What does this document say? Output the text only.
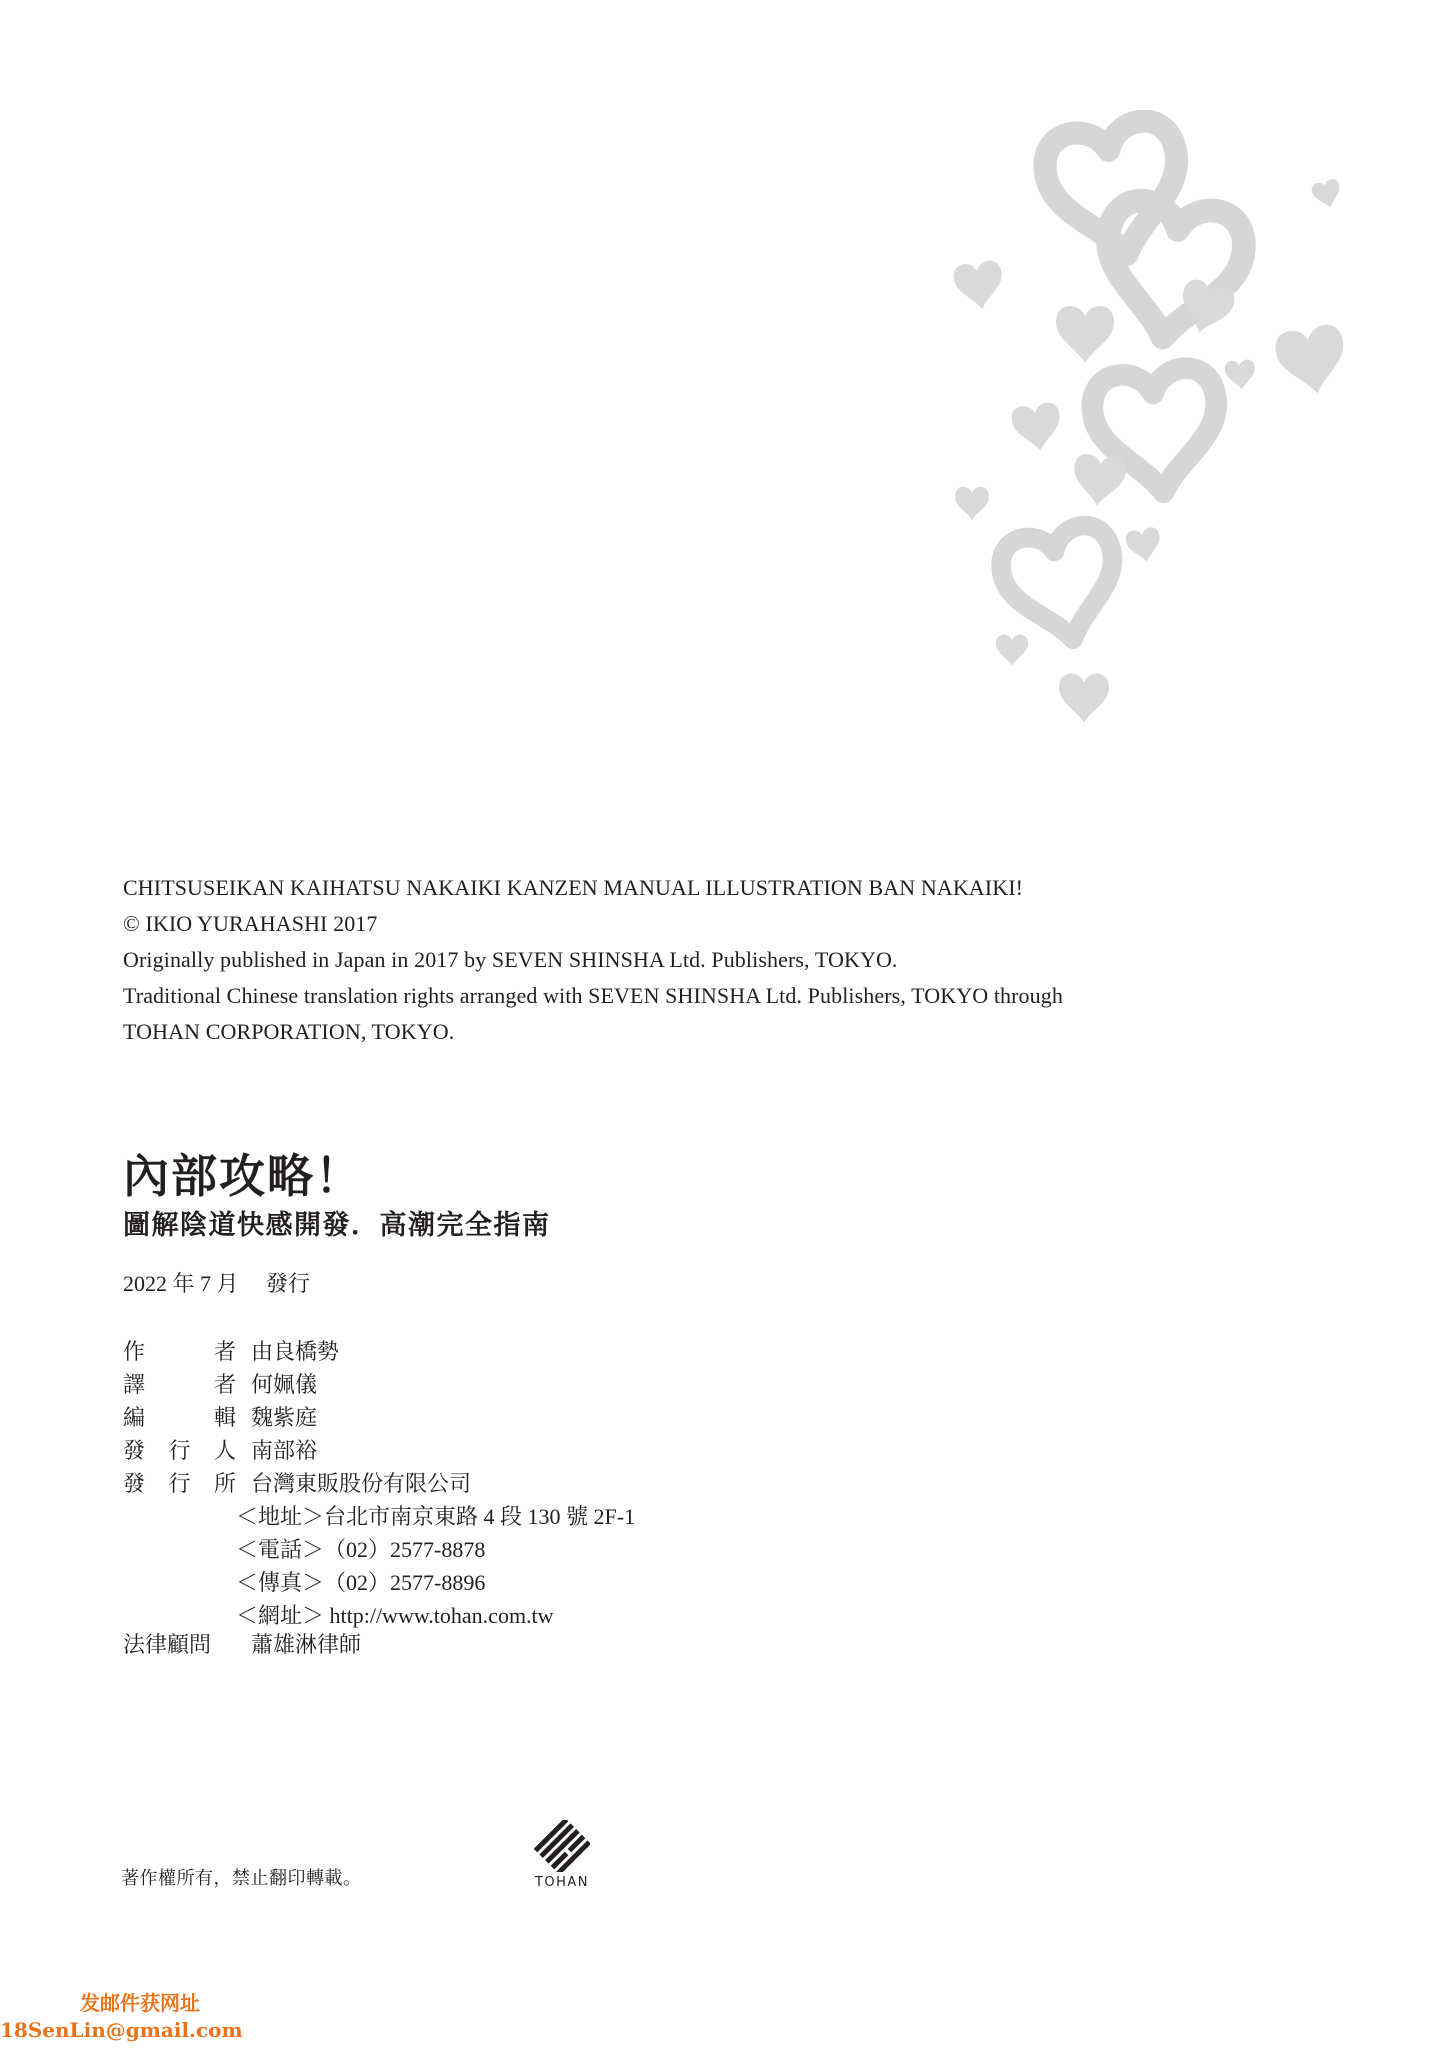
CHITSUSEIKAN KAIHATSU NAKAIKI KANZEN MANUAL ILLUSTRATION BAN NAKAIKI!
© IKIO YURAHASHI 2017
Originally published in Japan in 2017 by SEVEN SHINSHA Ltd. Publishers, TOKYO.
Traditional Chinese translation rights arranged with SEVEN SHINSHA Ltd. Publishers, TOKYO through
TOHAN CORPORATION, TOKYO.
內部攻略！
圖解陰道快感開發．高潮完全指南
2022 年 7 月　 發行
作	者 由良橋勢
譯	者 何姵儀
編	輯 魏紫庭
發 行 人 南部裕
發 行 所 台灣東販股份有限公司
＜地址＞台北市南京東路 4 段 130 號 2F-1
＜電話＞（02）2577-8878
＜傳真＞（02）2577-8896
＜網址＞ http://www.tohan.com.tw
法律顧問	蕭雄淋律師
著作權所有，禁止翻印轉載。	TOHAN
发邮件获网址
18SenLin@gmail.com
